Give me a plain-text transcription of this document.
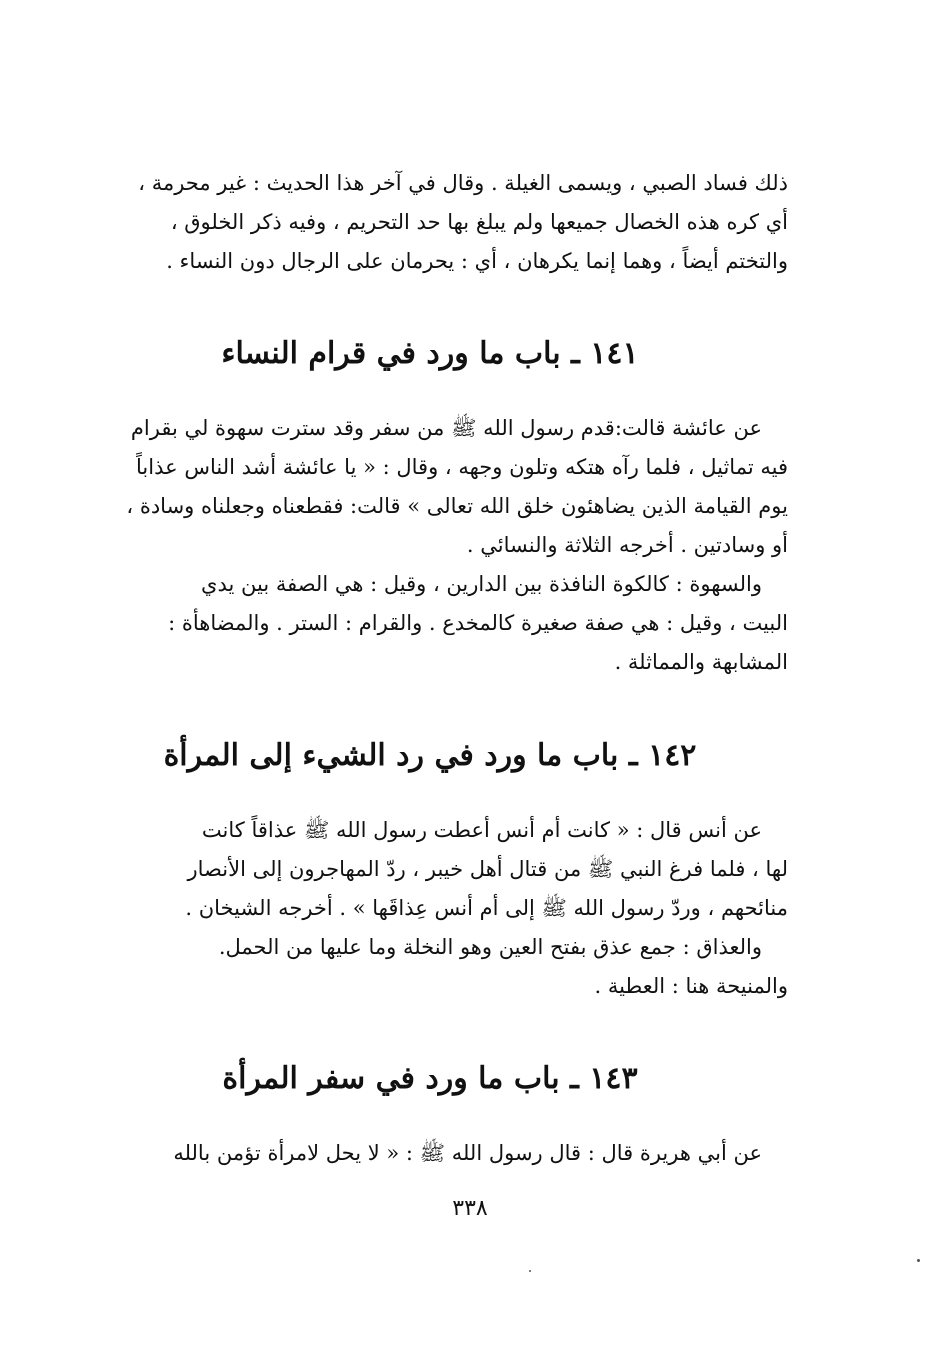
ذلك فساد الصبي ، ويسمى الغيلة . وقال في آخر هذا الحديث : غير محرمة ،
أي كره هذه الخصال جميعها ولم يبلغ بها حد التحريم ، وفيه ذكر الخلوق ،
والتختم أيضاً ، وهما إنما يكرهان ، أي : يحرمان على الرجال دون النساء .
١٤١ ـ باب ما ورد في قرام النساء
عن عائشة قالت:قدم رسول الله ﷺ من سفر وقد سترت سهوة لي بقرام
فيه تماثيل ، فلما رآه هتكه وتلون وجهه ، وقال : « يا عائشة أشد الناس عذاباً
يوم القيامة الذين يضاهئون خلق الله تعالى » قالت: فقطعناه وجعلناه وسادة ،
أو وسادتين . أخرجه الثلاثة والنسائي .
والسهوة : كالكوة النافذة بين الدارين ، وقيل : هي الصفة بين يدي
البيت ، وقيل : هي صفة صغيرة كالمخدع . والقرام : الستر . والمضاهأة :
المشابهة والمماثلة .
١٤٢ ـ باب ما ورد في رد الشيء إلى المرأة
عن أنس قال : « كانت أم أنس أعطت رسول الله ﷺ عذاقاً كانت
لها ، فلما فرغ النبي ﷺ من قتال أهل خيبر ، ردّ المهاجرون إلى الأنصار
منائحهم ، وردّ رسول الله ﷺ إلى أم أنس عِذاقَها » . أخرجه الشيخان .
والعذاق : جمع عذق بفتح العين وهو النخلة وما عليها من الحمل.
والمنيحة هنا : العطية .
١٤٣ ـ باب ما ورد في سفر المرأة
عن أبي هريرة قال : قال رسول الله ﷺ : « لا يحل لامرأة تؤمن بالله
٣٣٨
